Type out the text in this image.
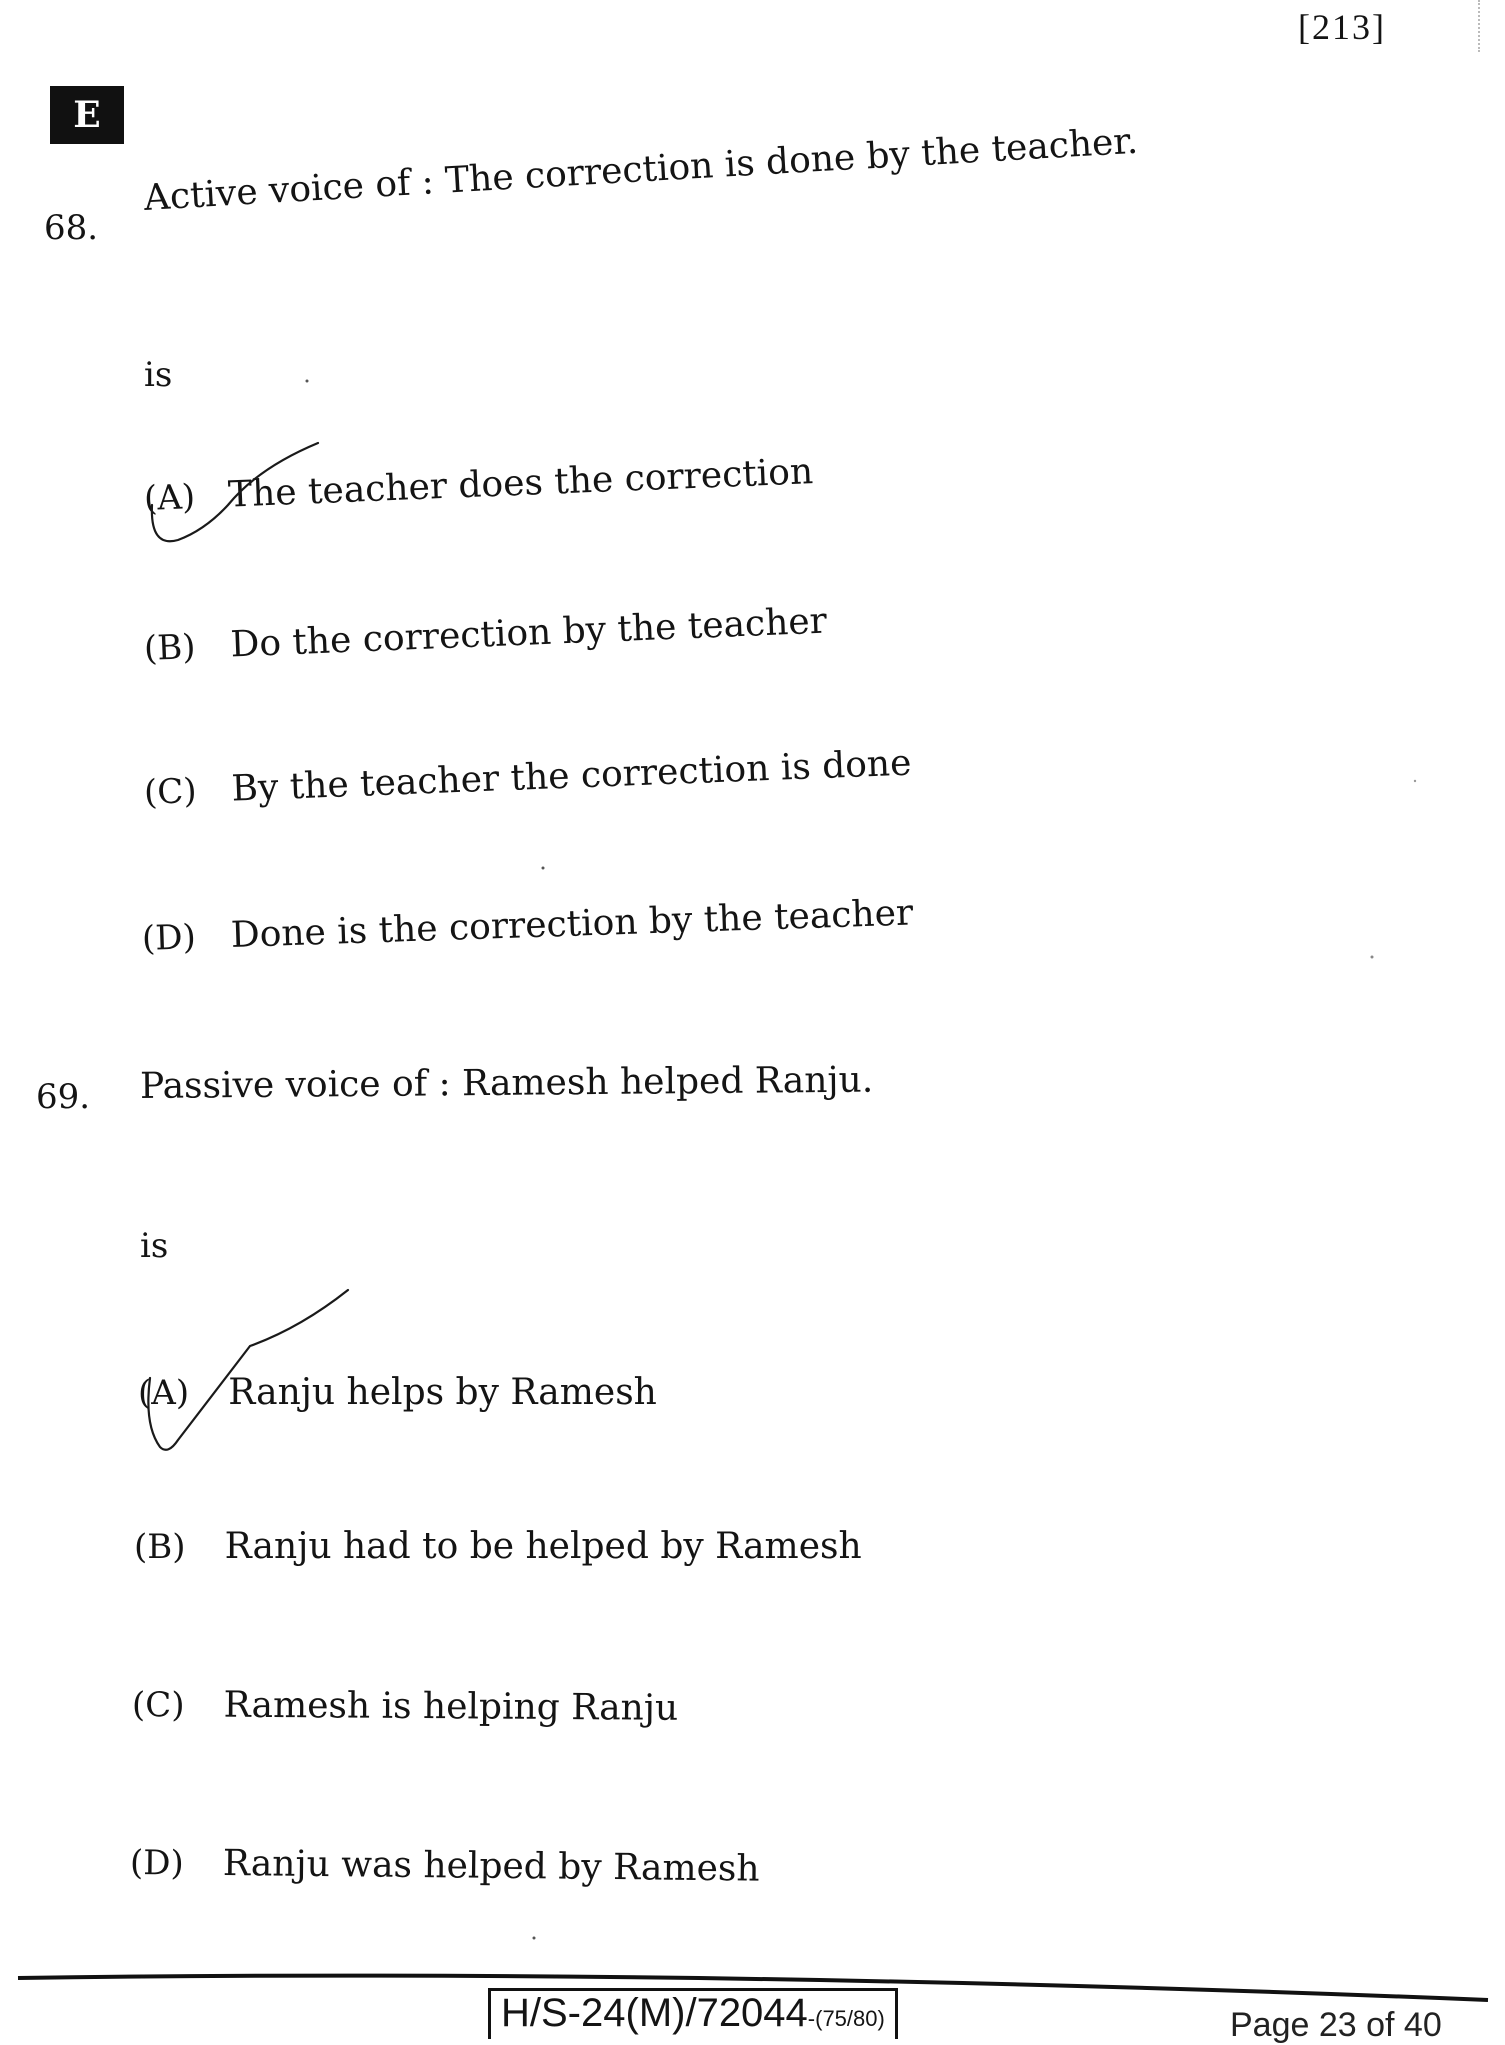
[213]
E
68.
Active voice of : The correction is done by the teacher.
is
(A) The teacher does the correction
(B) Do the correction by the teacher
(C) By the teacher the correction is done
(D) Done is the correction by the teacher
69. Passive voice of : Ramesh helped Ranju.
is
(A) Ranju helps by Ramesh
(B) Ranju had to be helped by Ramesh
(C) Ramesh is helping Ranju
(D) Ranju was helped by Ramesh
H/S-24(M)/72044-(75/80)	Page 23 of 40
